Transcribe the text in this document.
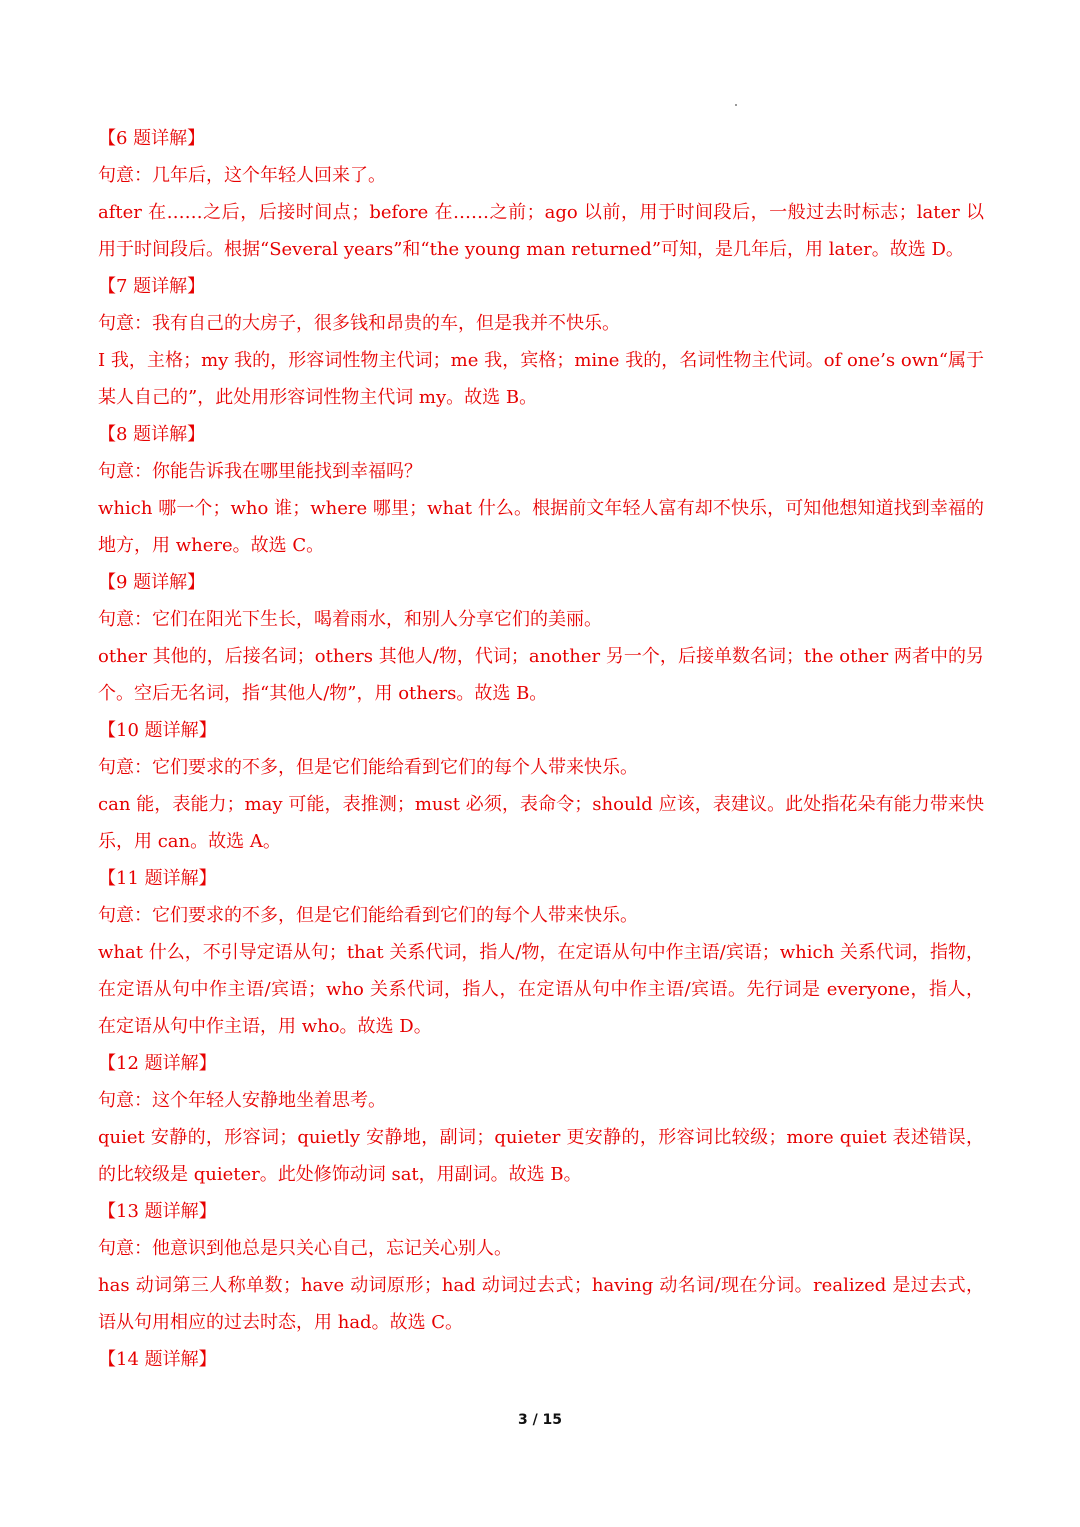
【6 题详解】
句意：几年后，这个年轻人回来了。
after 在……之后，后接时间点；before 在……之前；ago 以前，用于时间段后，一般过去时标志；later 以
用于时间段后。根据“Several years”和“the young man returned”可知，是几年后，用 later。故选 D。
【7 题详解】
句意：我有自己的大房子，很多钱和昂贵的车，但是我并不快乐。
I 我，主格；my 我的，形容词性物主代词；me 我，宾格；mine 我的，名词性物主代词。of one’s own“属于
某人自己的”，此处用形容词性物主代词 my。故选 B。
【8 题详解】
句意：你能告诉我在哪里能找到幸福吗？
which 哪一个；who 谁；where 哪里；what 什么。根据前文年轻人富有却不快乐，可知他想知道找到幸福的
地方，用 where。故选 C。
【9 题详解】
句意：它们在阳光下生长，喝着雨水，和别人分享它们的美丽。
other 其他的，后接名词；others 其他人/物，代词；another 另一个，后接单数名词；the other 两者中的另
个。空后无名词，指“其他人/物”，用 others。故选 B。
【10 题详解】
句意：它们要求的不多，但是它们能给看到它们的每个人带来快乐。
can 能，表能力；may 可能，表推测；must 必须，表命令；should 应该，表建议。此处指花朵有能力带来快
乐，用 can。故选 A。
【11 题详解】
句意：它们要求的不多，但是它们能给看到它们的每个人带来快乐。
what 什么，不引导定语从句；that 关系代词，指人/物，在定语从句中作主语/宾语；which 关系代词，指物，
在定语从句中作主语/宾语；who 关系代词，指人，在定语从句中作主语/宾语。先行词是 everyone，指人，
在定语从句中作主语，用 who。故选 D。
【12 题详解】
句意：这个年轻人安静地坐着思考。
quiet 安静的，形容词；quietly 安静地，副词；quieter 更安静的，形容词比较级；more quiet 表述错误，
的比较级是 quieter。此处修饰动词 sat，用副词。故选 B。
【13 题详解】
句意：他意识到他总是只关心自己，忘记关心别人。
has 动词第三人称单数；have 动词原形；had 动词过去式；having 动名词/现在分词。realized 是过去式，
语从句用相应的过去时态，用 had。故选 C。
【14 题详解】
3 / 15
